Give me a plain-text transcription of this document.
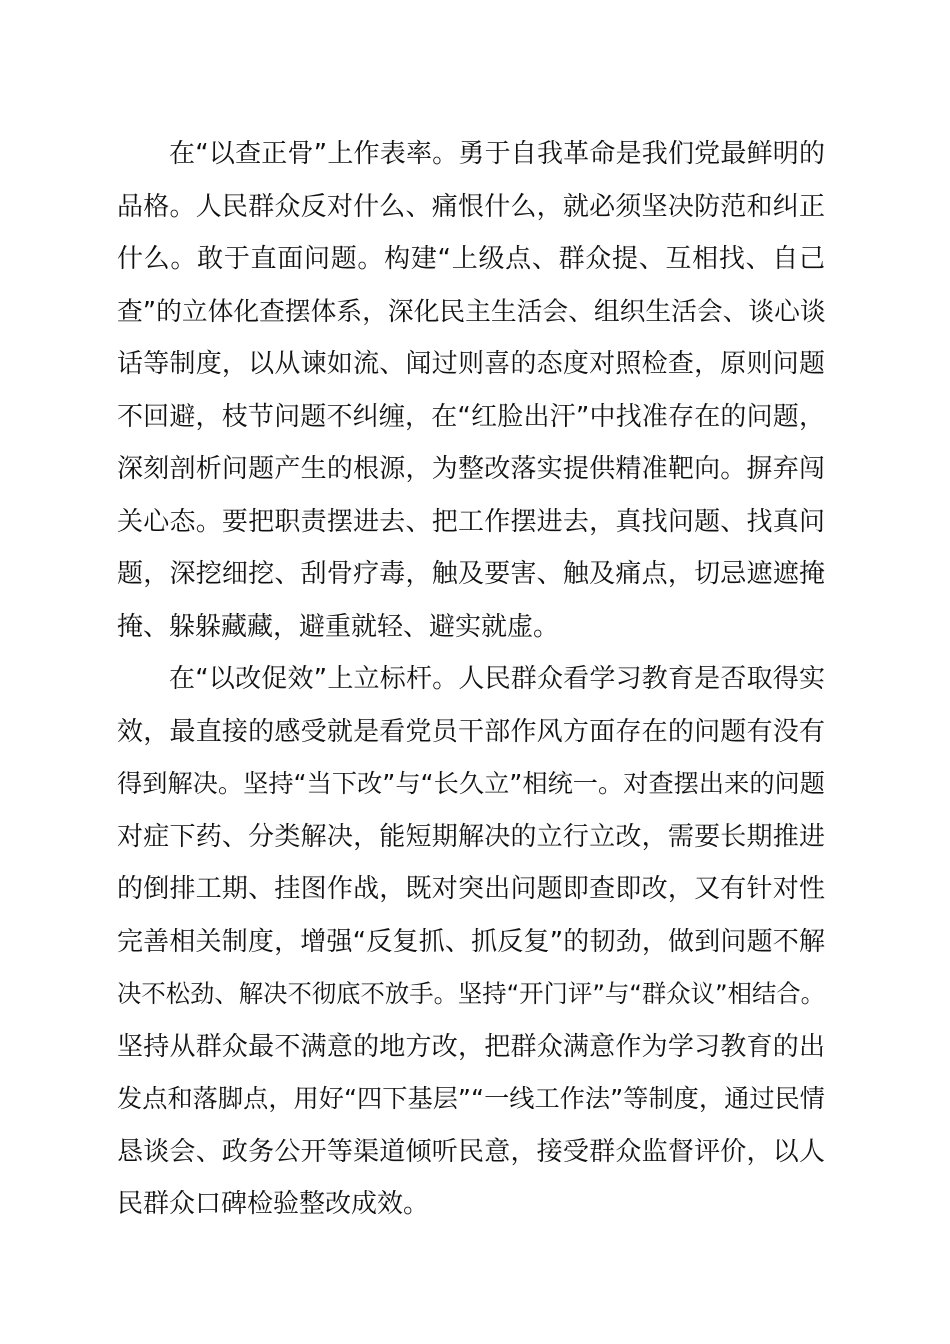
在“以查正骨”上作表率。勇于自我革命是我们党最鲜明的
品格。人民群众反对什么、痛恨什么，就必须坚决防范和纠正
什么。敢于直面问题。构建“上级点、群众提、互相找、自己
查”的立体化查摆体系，深化民主生活会、组织生活会、谈心谈
话等制度，以从谏如流、闻过则喜的态度对照检查，原则问题
不回避，枝节问题不纠缠，在“红脸出汗”中找准存在的问题，
深刻剖析问题产生的根源，为整改落实提供精准靶向。摒弃闯
关心态。要把职责摆进去、把工作摆进去，真找问题、找真问
题，深挖细挖、刮骨疗毒，触及要害、触及痛点，切忌遮遮掩
掩、躲躲藏藏，避重就轻、避实就虚。
在“以改促效”上立标杆。人民群众看学习教育是否取得实
效，最直接的感受就是看党员干部作风方面存在的问题有没有
得到解决。坚持“当下改”与“长久立”相统一。对查摆出来的问题
对症下药、分类解决，能短期解决的立行立改，需要长期推进
的倒排工期、挂图作战，既对突出问题即查即改，又有针对性
完善相关制度，增强“反复抓、抓反复”的韧劲，做到问题不解
决不松劲、解决不彻底不放手。坚持“开门评”与“群众议”相结合。
坚持从群众最不满意的地方改，把群众满意作为学习教育的出
发点和落脚点，用好“四下基层”“一线工作法”等制度，通过民情
恳谈会、政务公开等渠道倾听民意，接受群众监督评价，以人
民群众口碑检验整改成效。
